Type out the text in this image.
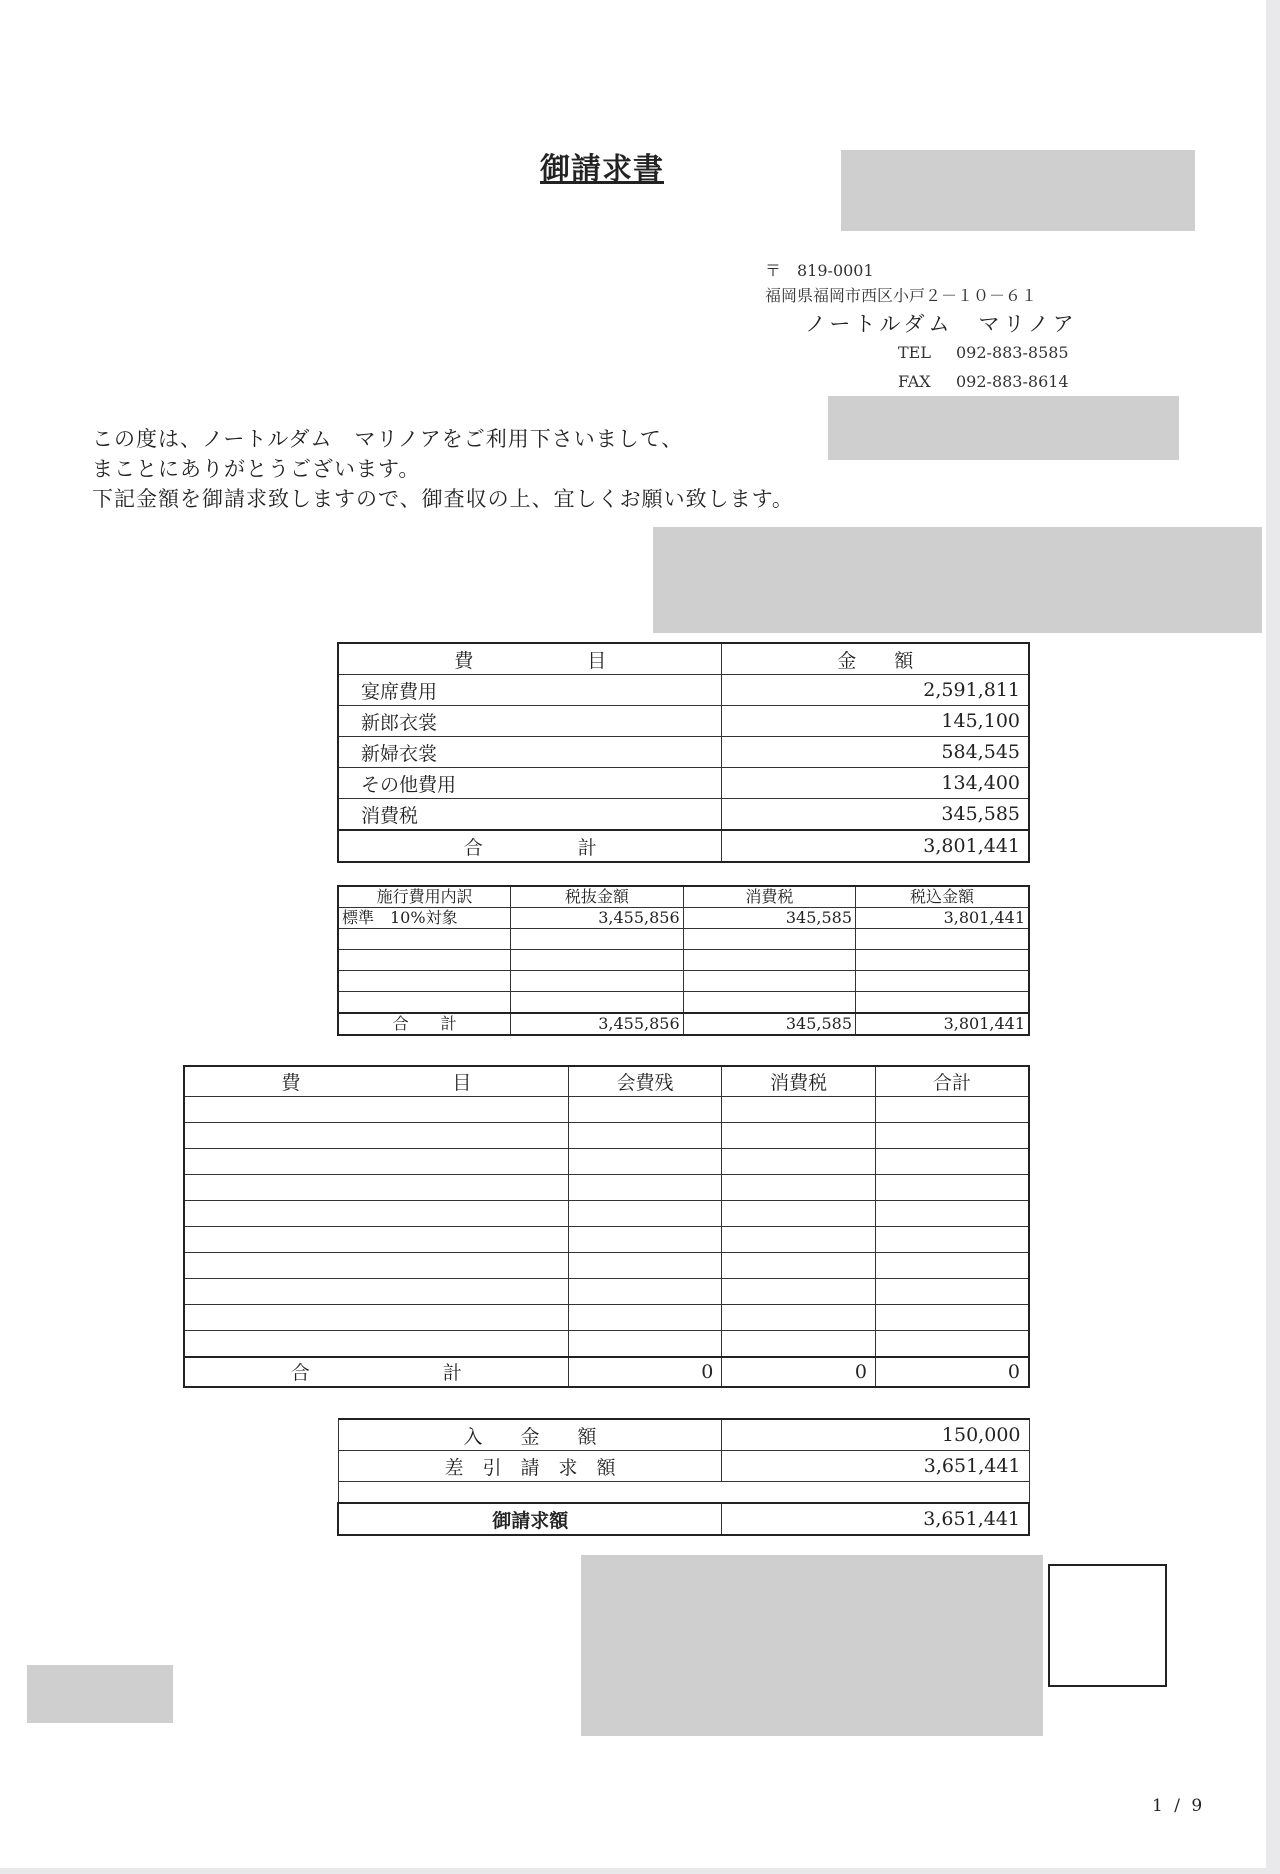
御請求書
〒　819-0001
福岡県福岡市西区小戸２－１０－６１
ノートルダム　マリノア
TEL 092-883-8585
FAX 092-883-8614
この度は、ノートルダム　マリノアをご利用下さいまして、
まことにありがとうございます。
下記金額を御請求致しますので、御査収の上、宜しくお願い致します。
費　　　　　　目	金　　額
宴席費用	2,591,811
新郎衣裳	145,100
新婦衣裳	584,545
その他費用	134,400
消費税	345,585
合　　　　　計	3,801,441
施行費用内訳	税抜金額	消費税	税込金額
標準　10%対象	3,455,856	345,585	3,801,441

合　　計	3,455,856	345,585	3,801,441
費　　　　　　　　目	会費残	消費税	合計

合　　　　　　　計	0	0	0
入　　金　　額	150,000
差　引　請　求　額	3,651,441

御請求額	3,651,441
1 / 9
